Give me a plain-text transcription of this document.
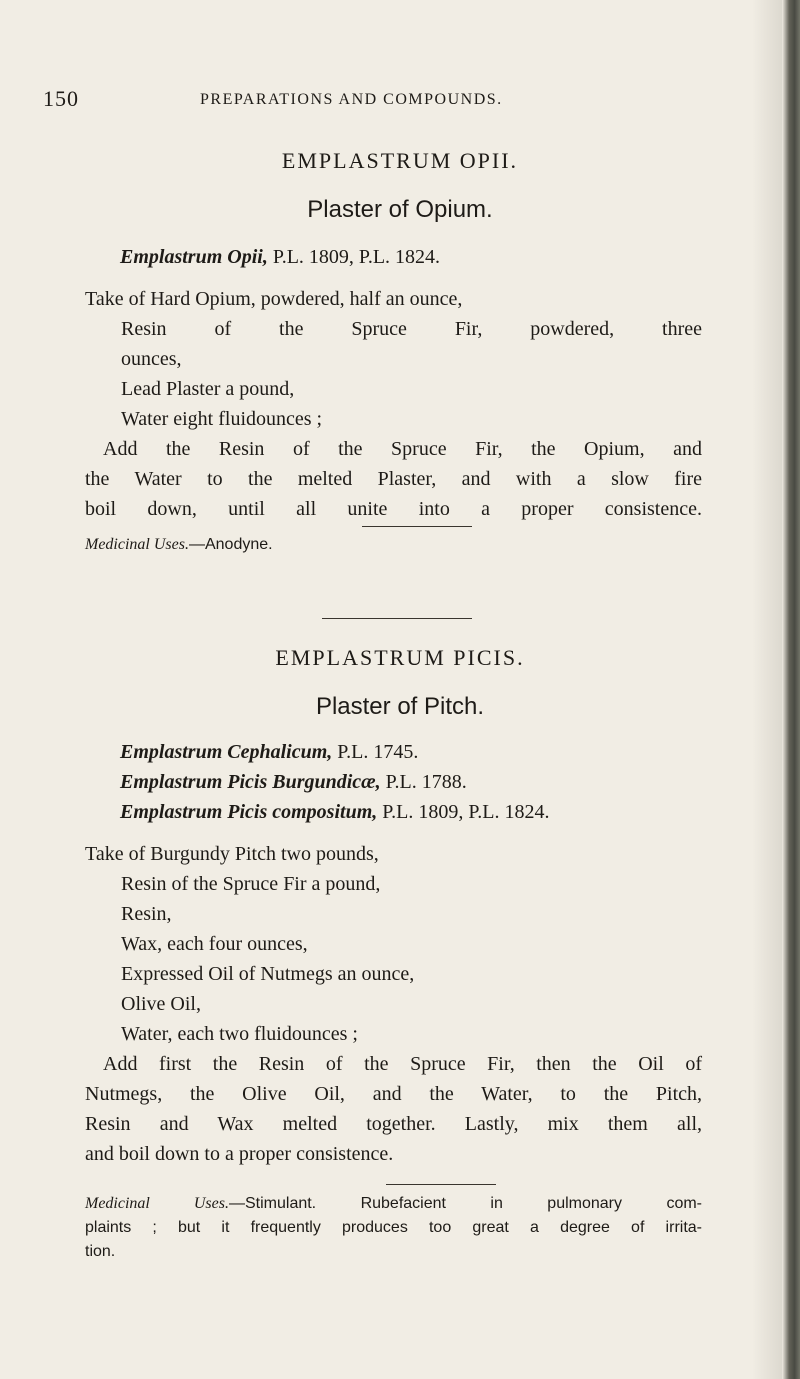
150	PREPARATIONS AND COMPOUNDS.
EMPLASTRUM OPII.
Plaster of Opium.
Emplastrum Opii, P.L. 1809, P.L. 1824.
Take of Hard Opium, powdered, half an ounce,
Resin of the Spruce Fir, powdered, three
ounces,
Lead Plaster a pound,
Water eight fluidounces ;
Add the Resin of the Spruce Fir, the Opium, and
the Water to the melted Plaster, and with a slow fire
boil down, until all unite into a proper consistence.
Medicinal Uses.—Anodyne.
EMPLASTRUM PICIS.
Plaster of Pitch.
Emplastrum Cephalicum, P.L. 1745.
Emplastrum Picis Burgundicæ, P.L. 1788.
Emplastrum Picis compositum, P.L. 1809, P.L. 1824.
Take of Burgundy Pitch two pounds,
Resin of the Spruce Fir a pound,
Resin,
Wax, each four ounces,
Expressed Oil of Nutmegs an ounce,
Olive Oil,
Water, each two fluidounces ;
Add first the Resin of the Spruce Fir, then the Oil of
Nutmegs, the Olive Oil, and the Water, to the Pitch,
Resin and Wax melted together. Lastly, mix them all,
and boil down to a proper consistence.
Medicinal Uses.—Stimulant. Rubefacient in pulmonary com-
plaints ; but it frequently produces too great a degree of irrita-
tion.
